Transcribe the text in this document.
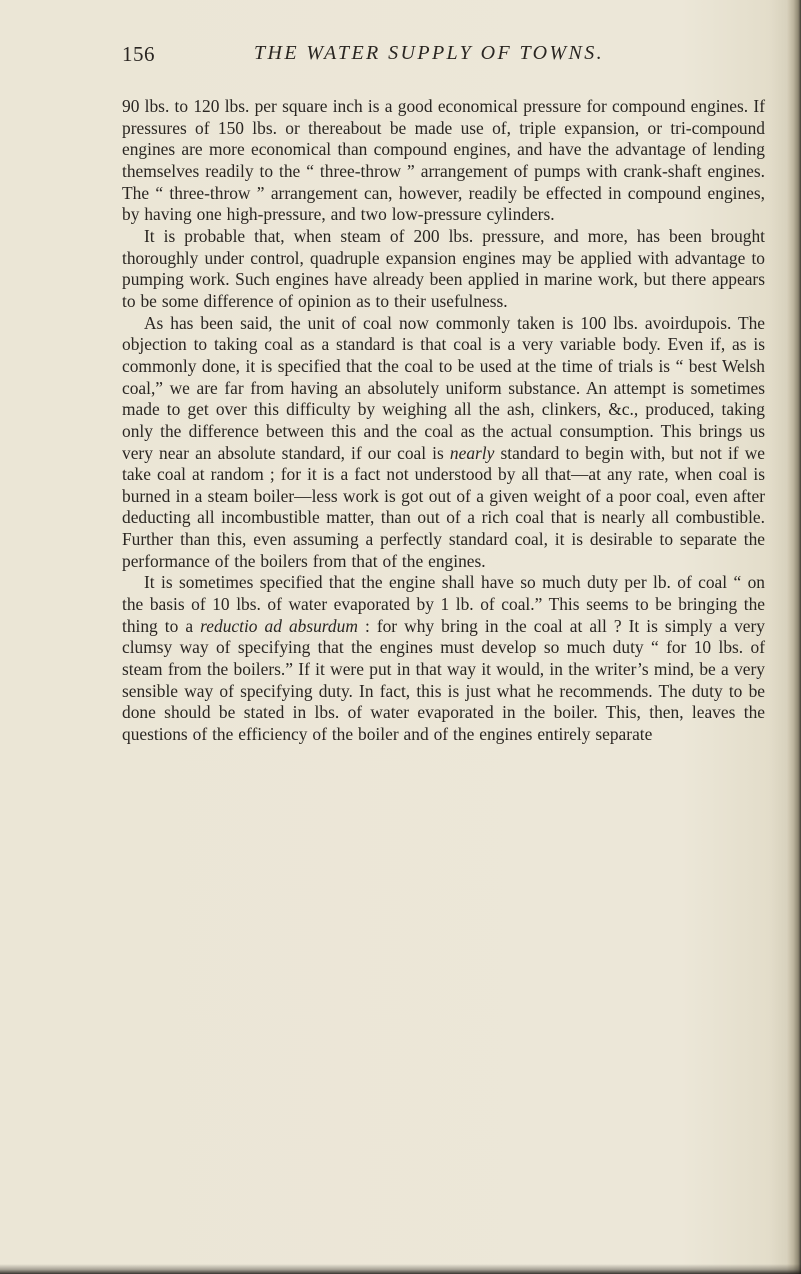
156	THE WATER SUPPLY OF TOWNS.

90 lbs. to 120 lbs. per square inch is a good economical pressure for compound engines. If pressures of 150 lbs. or thereabout be made use of, triple expansion, or tri-compound engines are more economical than compound engines, and have the advantage of lending themselves readily to the “ three-throw ” arrangement of pumps with crank-shaft engines. The “ three-throw ” arrangement can, however, readily be effected in compound engines, by having one high-pressure, and two low-pressure cylinders.

It is probable that, when steam of 200 lbs. pressure, and more, has been brought thoroughly under control, quadruple expansion engines may be applied with advantage to pumping work. Such engines have already been applied in marine work, but there appears to be some difference of opinion as to their usefulness.

As has been said, the unit of coal now commonly taken is 100 lbs. avoirdupois. The objection to taking coal as a standard is that coal is a very variable body. Even if, as is commonly done, it is specified that the coal to be used at the time of trials is “ best Welsh coal,” we are far from having an absolutely uniform substance. An attempt is sometimes made to get over this difficulty by weighing all the ash, clinkers, &c., produced, taking only the difference between this and the coal as the actual consumption. This brings us very near an absolute standard, if our coal is nearly standard to begin with, but not if we take coal at random ; for it is a fact not understood by all that—at any rate, when coal is burned in a steam boiler—less work is got out of a given weight of a poor coal, even after deducting all incombustible matter, than out of a rich coal that is nearly all combustible. Further than this, even assuming a perfectly standard coal, it is desirable to separate the performance of the boilers from that of the engines.

It is sometimes specified that the engine shall have so much duty per lb. of coal “ on the basis of 10 lbs. of water evaporated by 1 lb. of coal.” This seems to be bringing the thing to a reductio ad absurdum : for why bring in the coal at all ? It is simply a very clumsy way of specifying that the engines must develop so much duty “ for 10 lbs. of steam from the boilers.” If it were put in that way it would, in the writer’s mind, be a very sensible way of specifying duty. In fact, this is just what he recommends. The duty to be done should be stated in lbs. of water evaporated in the boiler. This, then, leaves the questions of the efficiency of the boiler and of the engines entirely separate
